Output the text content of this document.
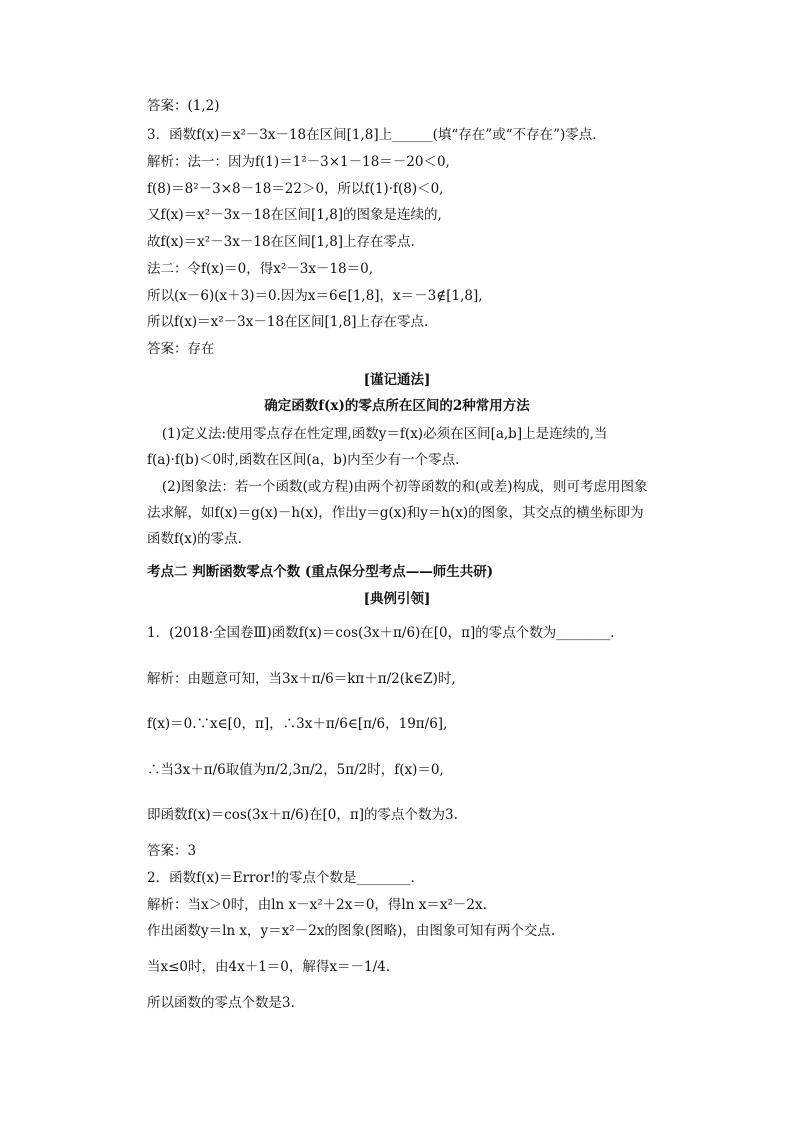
答案：(1,2)
3．函数f(x)＝x²－3x－18在区间[1,8]上______(填“存在”或“不存在”)零点．
解析：法一：因为f(1)＝1²－3×1－18＝－20＜0,
f(8)＝8²－3×8－18＝22＞0，所以f(1)·f(8)＜0,
又f(x)＝x²－3x－18在区间[1,8]的图象是连续的,
故f(x)＝x²－3x－18在区间[1,8]上存在零点.
法二：令f(x)＝0，得x²－3x－18＝0,
所以(x－6)(x＋3)＝0.因为x＝6∈[1,8]，x＝－3∉[1,8],
所以f(x)＝x²－3x－18在区间[1,8]上存在零点.
答案：存在
[谨记通法]
确定函数f(x)的零点所在区间的2种常用方法
(1)定义法:使用零点存在性定理,函数y＝f(x)必须在区间[a,b]上是连续的,当f(a)·f(b)＜0时,函数在区间(a，b)内至少有一个零点.
(2)图象法：若一个函数(或方程)由两个初等函数的和(或差)构成，则可考虑用图象法求解，如f(x)＝g(x)－h(x)，作出y＝g(x)和y＝h(x)的图象，其交点的横坐标即为函数f(x)的零点.
考点二 判断函数零点个数 (重点保分型考点——师生共研)
[典例引领]
1．(2018·全国卷Ⅲ)函数f(x)＝cos(3x＋π/6)在[0，π]的零点个数为________．
解析：由题意可知，当3x＋π/6＝kπ＋π/2(k∈Z)时,
f(x)＝0.∵x∈[0，π]，∴3x＋π/6∈[π/6，19π/6],
∴当3x＋π/6取值为π/2,3π/2，5π/2时，f(x)＝0,
即函数f(x)＝cos(3x＋π/6)在[0，π]的零点个数为3.
答案：3
2．函数f(x)＝Error!的零点个数是________．
解析：当x＞0时，由ln x－x²＋2x＝0，得ln x＝x²－2x.
作出函数y＝ln x，y＝x²－2x的图象(图略)，由图象可知有两个交点.
当x≤0时，由4x＋1＝0，解得x＝－1/4.
所以函数的零点个数是3.
